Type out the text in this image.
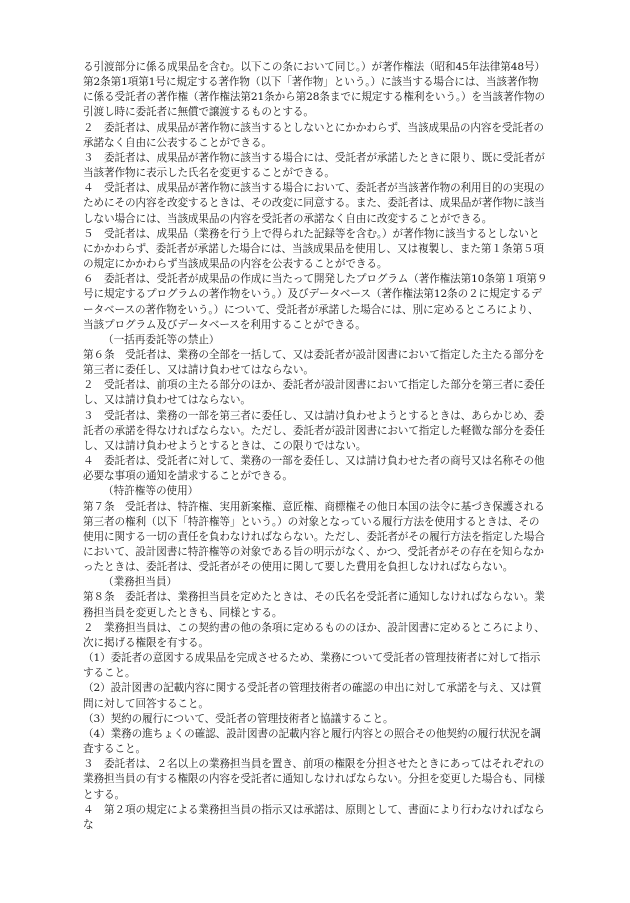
る引渡部分に係る成果品を含む。以下この条において同じ。）が著作権法（昭和45年法律第48号）第2条第1項第1号に規定する著作物（以下「著作物」という。）に該当する場合には、当該著作物に係る受託者の著作権（著作権法第21条から第28条までに規定する権利をいう。）を当該著作物の引渡し時に委託者に無償で譲渡するものとする。

２　委託者は、成果品が著作物に該当するとしないとにかかわらず、当該成果品の内容を受託者の承諾なく自由に公表することができる。

３　委託者は、成果品が著作物に該当する場合には、受託者が承諾したときに限り、既に受託者が当該著作物に表示した氏名を変更することができる。

４　受託者は、成果品が著作物に該当する場合において、委託者が当該著作物の利用目的の実現のためにその内容を改変するときは、その改変に同意する。また、委託者は、成果品が著作物に該当しない場合には、当該成果品の内容を受託者の承諾なく自由に改変することができる。

５　受託者は、成果品（業務を行う上で得られた記録等を含む。）が著作物に該当するとしないとにかかわらず、委託者が承諾した場合には、当該成果品を使用し、又は複製し、また第１条第５項の規定にかかわらず当該成果品の内容を公表することができる。

６　委託者は、受託者が成果品の作成に当たって開発したプログラム（著作権法第10条第１項第９号に規定するプログラムの著作物をいう。）及びデータベース（著作権法第12条の２に規定するデータベースの著作物をいう。）について、受託者が承諾した場合には、別に定めるところにより、当該プログラム及びデータベースを利用することができる。

（一括再委託等の禁止）

第６条　受託者は、業務の全部を一括して、又は委託者が設計図書において指定した主たる部分を第三者に委任し、又は請け負わせてはならない。

２　受託者は、前項の主たる部分のほか、委託者が設計図書において指定した部分を第三者に委任し、又は請け負わせてはならない。

３　受託者は、業務の一部を第三者に委任し、又は請け負わせようとするときは、あらかじめ、委託者の承諾を得なければならない。ただし、委託者が設計図書において指定した軽微な部分を委任し、又は請け負わせようとするときは、この限りではない。

４　委託者は、受託者に対して、業務の一部を委任し、又は請け負わせた者の商号又は名称その他必要な事項の通知を請求することができる。

（特許権等の使用）

第７条　受託者は、特許権、実用新案権、意匠権、商標権その他日本国の法令に基づき保護される第三者の権利（以下「特許権等」という。）の対象となっている履行方法を使用するときは、その使用に関する一切の責任を負わなければならない。ただし、委託者がその履行方法を指定した場合において、設計図書に特許権等の対象である旨の明示がなく、かつ、受託者がその存在を知らなかったときは、委託者は、受託者がその使用に関して要した費用を負担しなければならない。

（業務担当員）

第８条　委託者は、業務担当員を定めたときは、その氏名を受託者に通知しなければならない。業務担当員を変更したときも、同様とする。

２　業務担当員は、この契約書の他の条項に定めるもののほか、設計図書に定めるところにより、次に掲げる権限を有する。

（1）委託者の意図する成果品を完成させるため、業務について受託者の管理技術者に対して指示すること。

（2）設計図書の記載内容に関する受託者の管理技術者の確認の申出に対して承諾を与え、又は質問に対して回答すること。

（3）契約の履行について、受託者の管理技術者と協議すること。

（4）業務の進ちょくの確認、設計図書の記載内容と履行内容との照合その他契約の履行状況を調査すること。

３　委託者は、２名以上の業務担当員を置き、前項の権限を分担させたときにあってはそれぞれの業務担当員の有する権限の内容を受託者に通知しなければならない。分担を変更した場合も、同様とする。

４　第２項の規定による業務担当員の指示又は承諾は、原則として、書面により行わなければならな
